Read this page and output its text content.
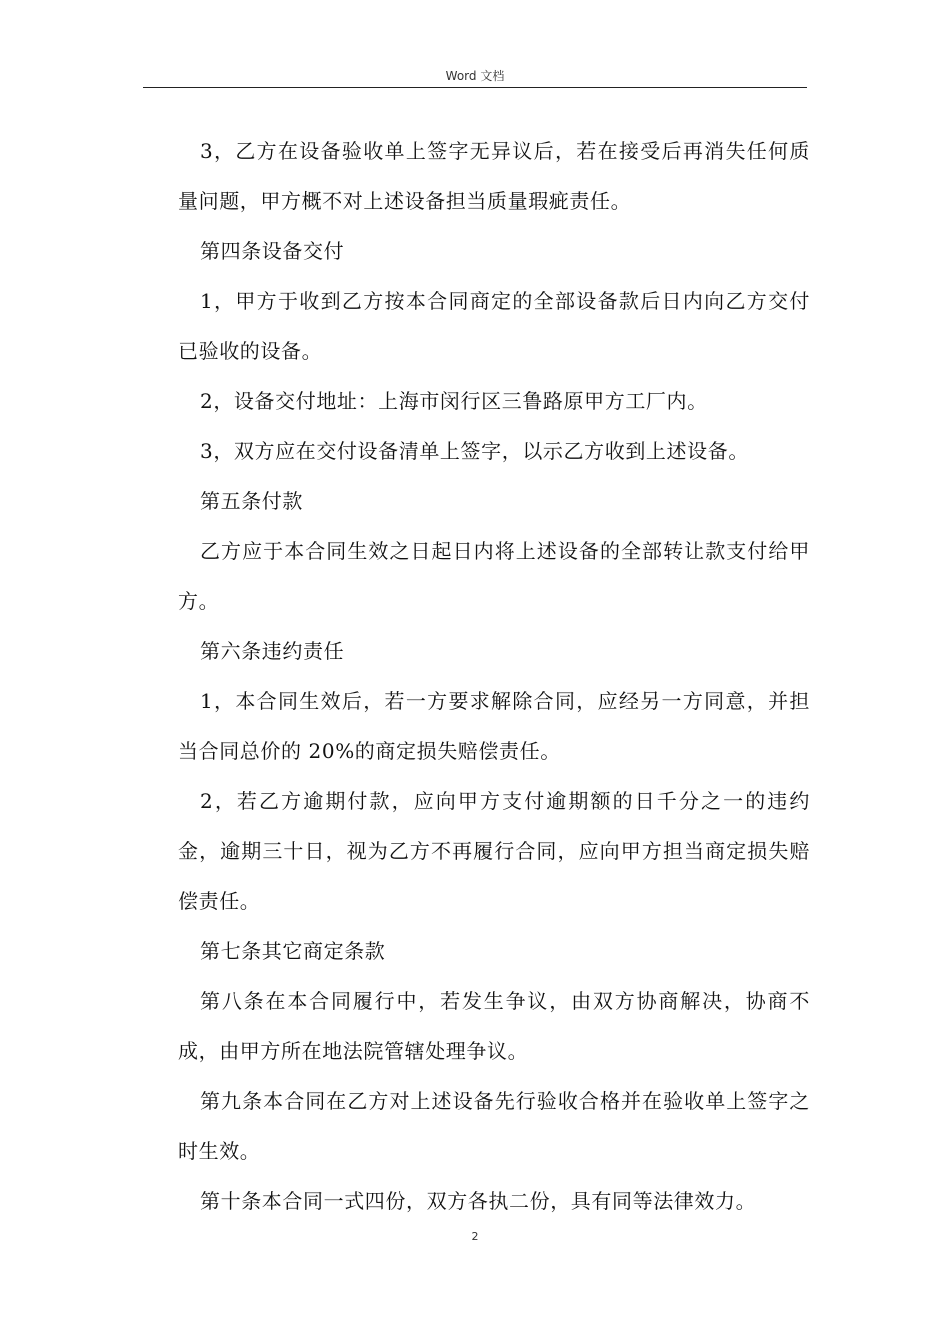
Word 文档

3，乙方在设备验收单上签字无异议后，若在接受后再消失任何质量问题，甲方概不对上述设备担当质量瑕疵责任。

第四条设备交付

1，甲方于收到乙方按本合同商定的全部设备款后日内向乙方交付已验收的设备。

2，设备交付地址：上海市闵行区三鲁路原甲方工厂内。

3，双方应在交付设备清单上签字，以示乙方收到上述设备。

第五条付款

乙方应于本合同生效之日起日内将上述设备的全部转让款支付给甲方。

第六条违约责任

1，本合同生效后，若一方要求解除合同，应经另一方同意，并担当合同总价的 20%的商定损失赔偿责任。

2，若乙方逾期付款，应向甲方支付逾期额的日千分之一的违约金，逾期三十日，视为乙方不再履行合同，应向甲方担当商定损失赔偿责任。

第七条其它商定条款

第八条在本合同履行中，若发生争议，由双方协商解决，协商不成，由甲方所在地法院管辖处理争议。

第九条本合同在乙方对上述设备先行验收合格并在验收单上签字之时生效。

第十条本合同一式四份，双方各执二份，具有同等法律效力。

2
